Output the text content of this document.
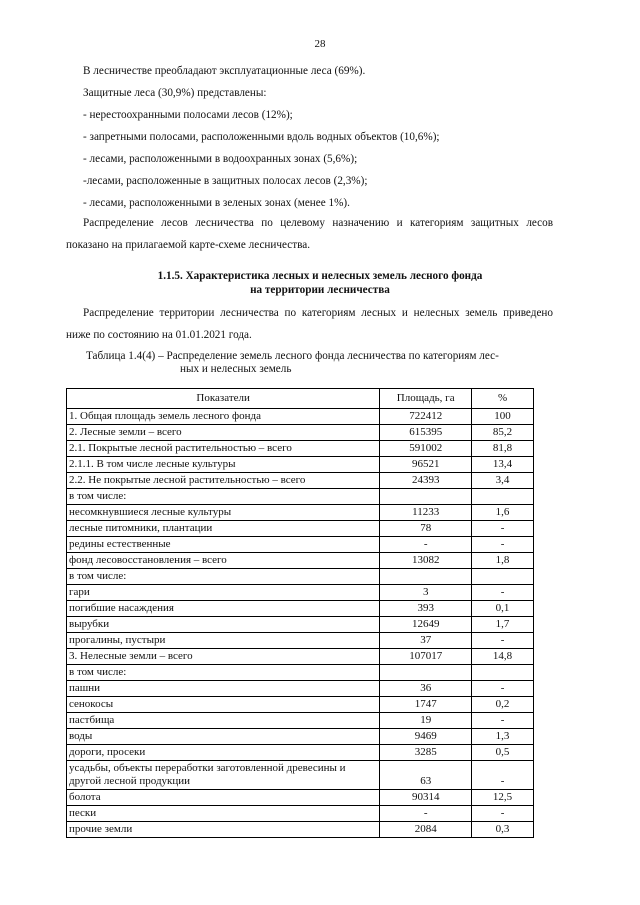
28
В лесничестве преобладают эксплуатационные леса (69%).
Защитные леса (30,9%) представлены:
- нерестоохранными полосами лесов (12%);
- запретными полосами, расположенными вдоль водных объектов (10,6%);
- лесами, расположенными в водоохранных зонах (5,6%);
-лесами, расположенные в защитных полосах лесов (2,3%);
- лесами, расположенными в зеленых зонах (менее 1%).
Распределение лесов лесничества по целевому назначению и категориям защитных лесов показано на прилагаемой карте-схеме лесничества.
1.1.5. Характеристика лесных и нелесных земель лесного фонда
на территории лесничества
Распределение территории лесничества по категориям лесных и нелесных земель приведено ниже по состоянию на 01.01.2021 года.
Таблица 1.4(4) – Распределение земель лесного фонда лесничества по категориям лес-
ных и нелесных земель
Показатели	Площадь, га	%
1. Общая площадь земель лесного фонда	722412	100
2. Лесные земли – всего	615395	85,2
2.1. Покрытые лесной растительностью – всего	591002	81,8
2.1.1. В том числе лесные культуры	96521	13,4
2.2. Не покрытые лесной растительностью – всего	24393	3,4
в том числе:		
несомкнувшиеся лесные культуры	11233	1,6
лесные питомники, плантации	78	-
редины естественные	-	-
фонд лесовосстановления – всего	13082	1,8
в том числе:		
гари	3	-
погибшие насаждения	393	0,1
вырубки	12649	1,7
прогалины, пустыри	37	-
3. Нелесные земли – всего	107017	14,8
в том числе:		
пашни	36	-
сенокосы	1747	0,2
пастбища	19	-
воды	9469	1,3
дороги, просеки	3285	0,5
усадьбы, объекты переработки заготовленной древесины и другой лесной продукции	63	-
болота	90314	12,5
пески	-	-
прочие земли	2084	0,3
